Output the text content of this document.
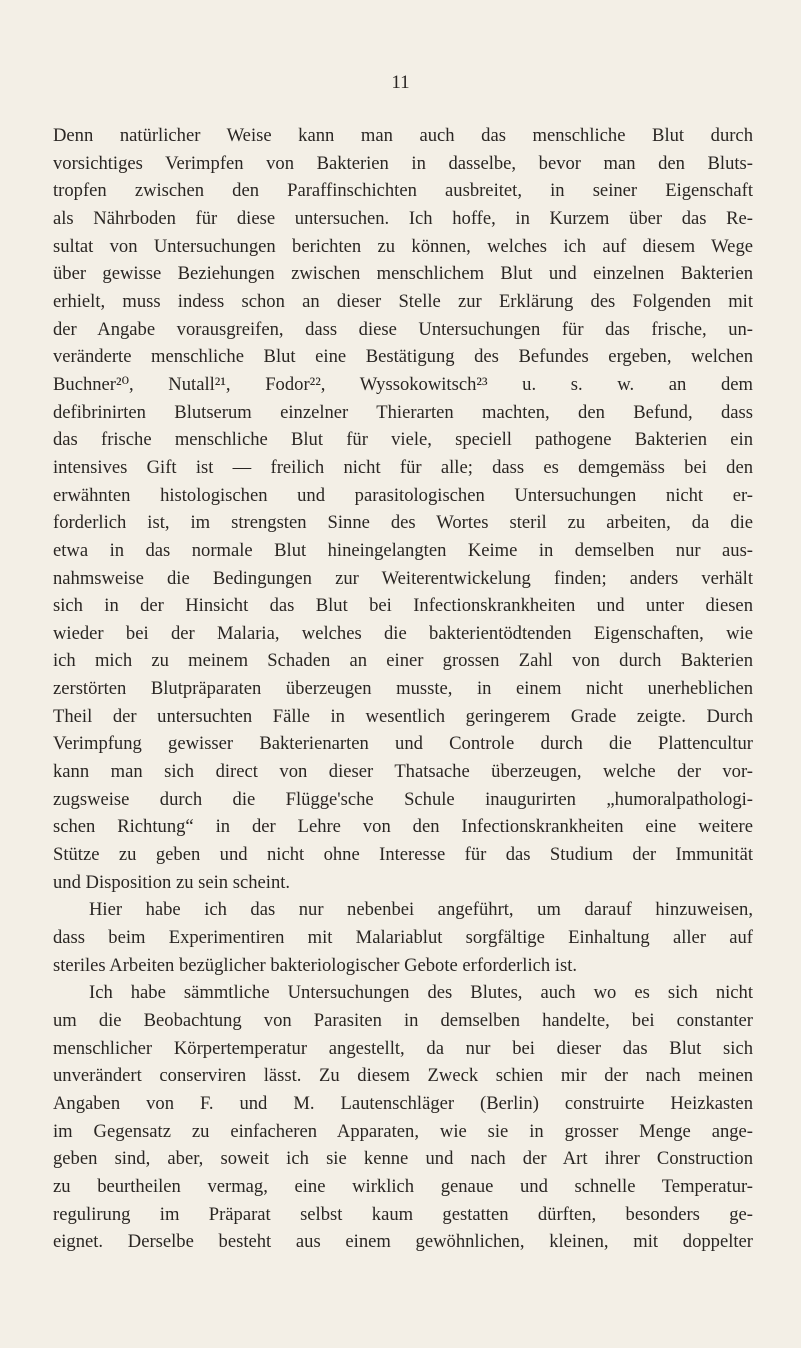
11
Denn natürlicher Weise kann man auch das menschliche Blut durch
vorsichtiges Verimpfen von Bakterien in dasselbe, bevor man den Bluts-
tropfen zwischen den Paraffinschichten ausbreitet, in seiner Eigenschaft
als Nährboden für diese untersuchen. Ich hoffe, in Kurzem über das Re-
sultat von Untersuchungen berichten zu können, welches ich auf diesem Wege
über gewisse Beziehungen zwischen menschlichem Blut und einzelnen Bakterien
erhielt, muss indess schon an dieser Stelle zur Erklärung des Folgenden mit
der Angabe vorausgreifen, dass diese Untersuchungen für das frische, un-
veränderte menschliche Blut eine Bestätigung des Befundes ergeben, welchen
Buchner²⁰, Nutall²¹, Fodor²², Wyssokowitsch²³ u. s. w. an dem
defibrinirten Blutserum einzelner Thierarten machten, den Befund, dass
das frische menschliche Blut für viele, speciell pathogene Bakterien ein
intensives Gift ist — freilich nicht für alle; dass es demgemäss bei den
erwähnten histologischen und parasitologischen Untersuchungen nicht er-
forderlich ist, im strengsten Sinne des Wortes steril zu arbeiten, da die
etwa in das normale Blut hineingelangten Keime in demselben nur aus-
nahmsweise die Bedingungen zur Weiterentwickelung finden; anders verhält
sich in der Hinsicht das Blut bei Infectionskrankheiten und unter diesen
wieder bei der Malaria, welches die bakterientödtenden Eigenschaften, wie
ich mich zu meinem Schaden an einer grossen Zahl von durch Bakterien
zerstörten Blutpräparaten überzeugen musste, in einem nicht unerheblichen
Theil der untersuchten Fälle in wesentlich geringerem Grade zeigte. Durch
Verimpfung gewisser Bakterienarten und Controle durch die Plattencultur
kann man sich direct von dieser Thatsache überzeugen, welche der vor-
zugsweise durch die Flügge'sche Schule inaugurirten „humoralpathologi-
schen Richtung“ in der Lehre von den Infectionskrankheiten eine weitere
Stütze zu geben und nicht ohne Interesse für das Studium der Immunität
und Disposition zu sein scheint.
Hier habe ich das nur nebenbei angeführt, um darauf hinzuweisen,
dass beim Experimentiren mit Malariablut sorgfältige Einhaltung aller auf
steriles Arbeiten bezüglicher bakteriologischer Gebote erforderlich ist.
Ich habe sämmtliche Untersuchungen des Blutes, auch wo es sich nicht
um die Beobachtung von Parasiten in demselben handelte, bei constanter
menschlicher Körpertemperatur angestellt, da nur bei dieser das Blut sich
unverändert conserviren lässt. Zu diesem Zweck schien mir der nach meinen
Angaben von F. und M. Lautenschläger (Berlin) construirte Heizkasten
im Gegensatz zu einfacheren Apparaten, wie sie in grosser Menge ange-
geben sind, aber, soweit ich sie kenne und nach der Art ihrer Construction
zu beurtheilen vermag, eine wirklich genaue und schnelle Temperatur-
regulirung im Präparat selbst kaum gestatten dürften, besonders ge-
eignet. Derselbe besteht aus einem gewöhnlichen, kleinen, mit doppelter
